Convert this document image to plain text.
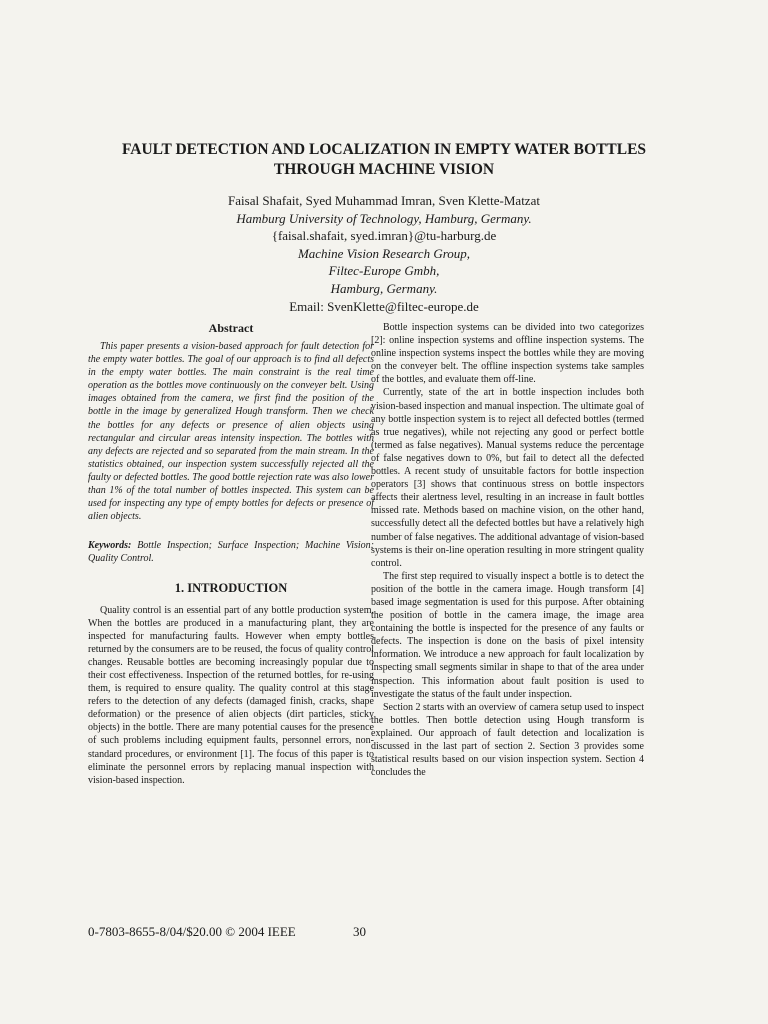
FAULT DETECTION AND LOCALIZATION IN EMPTY WATER BOTTLES
THROUGH MACHINE VISION
Faisal Shafait, Syed Muhammad Imran, Sven Klette-Matzat
Hamburg University of Technology, Hamburg, Germany.
{faisal.shafait, syed.imran}@tu-harburg.de
Machine Vision Research Group,
Filtec-Europe Gmbh,
Hamburg, Germany.
Email: SvenKlette@filtec-europe.de
Abstract

This paper presents a vision-based approach for fault detection for the empty water bottles. The goal of our approach is to find all defects in the empty water bottles. The main constraint is the real time operation as the bottles move continuously on the conveyer belt. Using images obtained from the camera, we first find the position of the bottle in the image by generalized Hough transform. Then we check the bottles for any defects or presence of alien objects using rectangular and circular areas intensity inspection. The bottles with any defects are rejected and so separated from the main stream. In the statistics obtained, our inspection system successfully rejected all the faulty or defected bottles. The good bottle rejection rate was also lower than 1% of the total number of bottles inspected. This system can be used for inspecting any type of empty bottles for defects or presence of alien objects.

Keywords: Bottle Inspection; Surface Inspection; Machine Vision; Quality Control.

1. INTRODUCTION

Quality control is an essential part of any bottle production system. When the bottles are produced in a manufacturing plant, they are inspected for manufacturing faults. However when empty bottles returned by the consumers are to be reused, the focus of quality control changes. Reusable bottles are becoming increasingly popular due to their cost effectiveness. Inspection of the returned bottles, for re-using them, is required to ensure quality. The quality control at this stage refers to the detection of any defects (damaged finish, cracks, shape deformation) or the presence of alien objects (dirt particles, sticky objects) in the bottle. There are many potential causes for the presence of such problems including equipment faults, personnel errors, non-standard procedures, or environment [1]. The focus of this paper is to eliminate the personnel errors by replacing manual inspection with vision-based inspection.

Bottle inspection systems can be divided into two categorizes [2]: online inspection systems and offline inspection systems. The online inspection systems inspect the bottles while they are moving on the conveyer belt. The offline inspection systems take samples of the bottles, and evaluate them off-line.

Currently, state of the art in bottle inspection includes both vision-based inspection and manual inspection. The ultimate goal of any bottle inspection system is to reject all defected bottles (termed as true negatives), while not rejecting any good or perfect bottle (termed as false negatives). Manual systems reduce the percentage of false negatives down to 0%, but fail to detect all the defected bottles. A recent study of unsuitable factors for bottle inspection operators [3] shows that continuous stress on bottle inspectors affects their alertness level, resulting in an increase in fault bottles missed rate. Methods based on machine vision, on the other hand, successfully detect all the defected bottles but have a relatively high number of false negatives. The additional advantage of vision-based systems is their on-line operation resulting in more stringent quality control.

The first step required to visually inspect a bottle is to detect the position of the bottle in the camera image. Hough transform [4] based image segmentation is used for this purpose. After obtaining the position of bottle in the camera image, the image area containing the bottle is inspected for the presence of any faults or defects. The inspection is done on the basis of pixel intensity information. We introduce a new approach for fault localization by inspecting small segments similar in shape to that of the area under inspection. This information about fault position is used to investigate the status of the fault under inspection.

Section 2 starts with an overview of camera setup used to inspect the bottles. Then bottle detection using Hough transform is explained. Our approach of fault detection and localization is discussed in the last part of section 2. Section 3 provides some statistical results based on our vision inspection system. Section 4 concludes the

0-7803-8655-8/04/$20.00 © 2004 IEEE	30
